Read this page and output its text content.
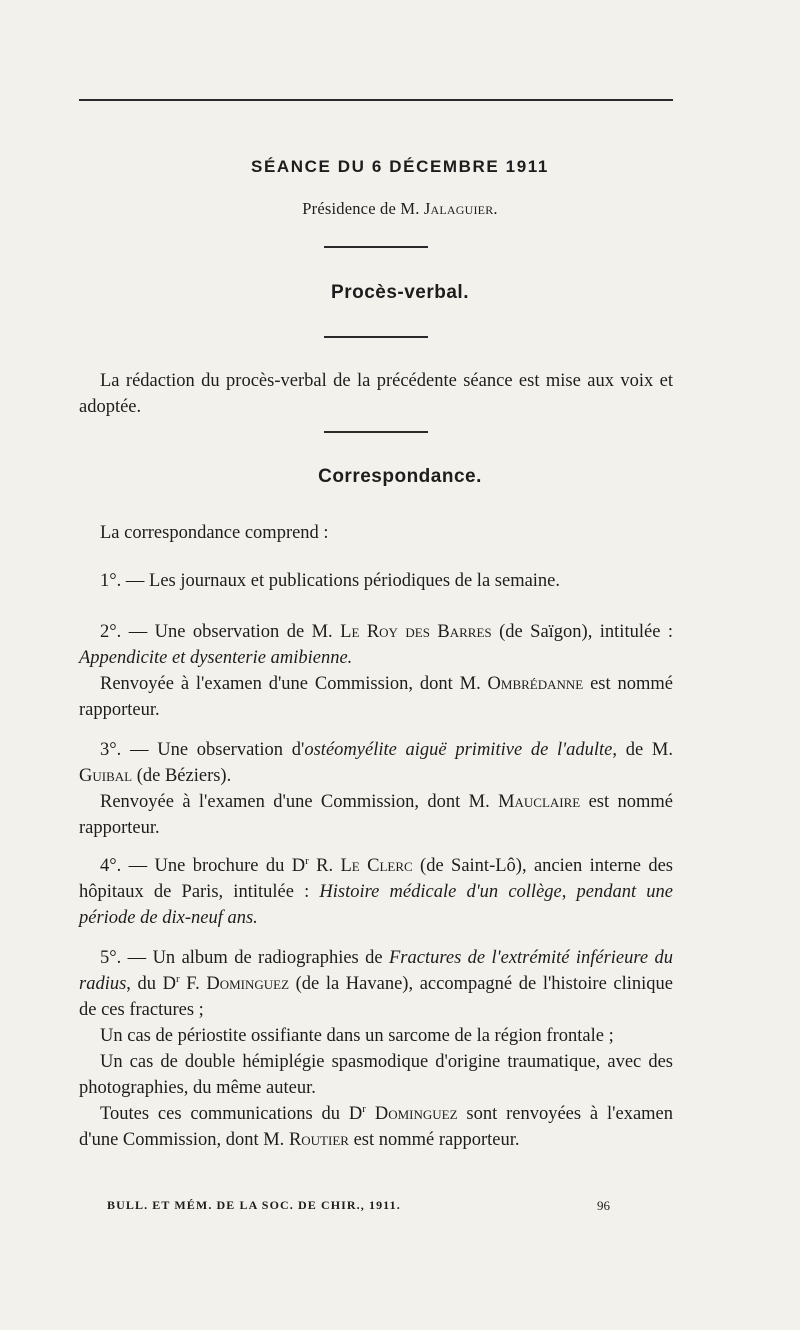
SÉANCE DU 6 DÉCEMBRE 1911
Présidence de M. Jalaguier.
Procès-verbal.
La rédaction du procès-verbal de la précédente séance est mise aux voix et adoptée.
Correspondance.
La correspondance comprend :
1°. — Les journaux et publications périodiques de la semaine.
2°. — Une observation de M. Le Roy des Barres (de Saïgon), intitulée : Appendicite et dysenterie amibienne.
Renvoyée à l'examen d'une Commission, dont M. Ombrédanne est nommé rapporteur.
3°. — Une observation d'ostéomyélite aiguë primitive de l'adulte, de M. Guibal (de Béziers).
Renvoyée à l'examen d'une Commission, dont M. Mauclaire est nommé rapporteur.
4°. — Une brochure du $D^r$ R. Le Clerc (de Saint-Lô), ancien interne des hôpitaux de Paris, intitulée : Histoire médicale d'un collège, pendant une période de dix-neuf ans.
5°. — Un album de radiographies de Fractures de l'extrémité inférieure du radius, du $D^r$ F. Dominguez (de la Havane), accompagné de l'histoire clinique de ces fractures ;
Un cas de périostite ossifiante dans un sarcome de la région frontale ;
Un cas de double hémiplégie spasmodique d'origine traumatique, avec des photographies, du même auteur.
Toutes ces communications du $D^r$ Dominguez sont renvoyées à l'examen d'une Commission, dont M. Routier est nommé rapporteur.
BULL. ET MÉM. DE LA SOC. DE CHIR., 1911.	96
